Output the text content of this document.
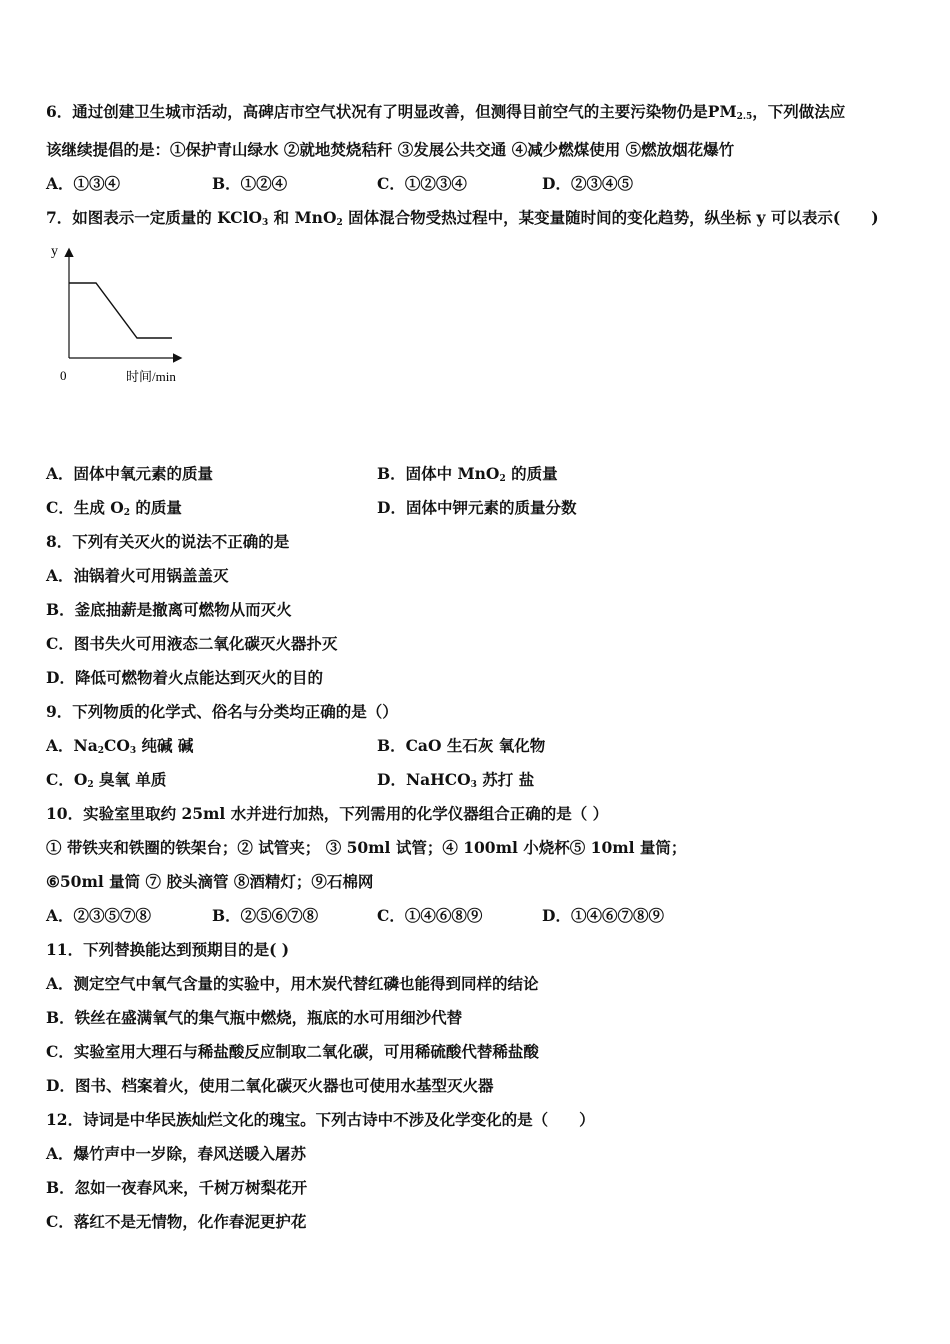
6．通过创建卫生城市活动，高碑店市空气状况有了明显改善，但测得目前空气的主要污染物仍是$PM_{2.5}$，下列做法应
该继续提倡的是：①保护青山绿水 ②就地焚烧秸秆 ③发展公共交通 ④减少燃煤使用 ⑤燃放烟花爆竹
A．①③④	B．①②④	C．①②③④	D．②③④⑤
7．如图表示一定质量的 KClO$_3$ 和 MnO$_2$ 固体混合物受热过程中，某变量随时间的变化趋势，纵坐标 y 可以表示(　　)
y
0	时间/min
A．固体中氧元素的质量	B．固体中 MnO$_2$ 的质量
C．生成 $O_2$ 的质量	D．固体中钾元素的质量分数
8．下列有关灭火的说法不正确的是
A．油锅着火可用锅盖盖灭
B．釜底抽薪是撤离可燃物从而灭火
C．图书失火可用液态二氧化碳灭火器扑灭
D．降低可燃物着火点能达到灭火的目的
9．下列物质的化学式、俗名与分类均正确的是（）
A．$Na_2CO_3$ 纯碱 碱	B．CaO 生石灰 氧化物
C．$O_2$ 臭氧 单质	D．NaHCO$_3$ 苏打 盐
10．实验室里取约 25ml 水并进行加热，下列需用的化学仪器组合正确的是（ ）
① 带铁夹和铁圈的铁架台；② 试管夹； ③ 50ml 试管；④ 100ml 小烧杯⑤ 10ml 量筒；
⑥50ml 量筒 ⑦ 胶头滴管 ⑧酒精灯；⑨石棉网
A．②③⑤⑦⑧	B．②⑤⑥⑦⑧	C．①④⑥⑧⑨	D．①④⑥⑦⑧⑨
11．下列替换能达到预期目的是( )
A．测定空气中氧气含量的实验中，用木炭代替红磷也能得到同样的结论
B．铁丝在盛满氧气的集气瓶中燃烧，瓶底的水可用细沙代替
C．实验室用大理石与稀盐酸反应制取二氧化碳，可用稀硫酸代替稀盐酸
D．图书、档案着火，使用二氧化碳灭火器也可使用水基型灭火器
12．诗词是中华民族灿烂文化的瑰宝。下列古诗中不涉及化学变化的是（　　）
A．爆竹声中一岁除，春风送暖入屠苏
B．忽如一夜春风来，千树万树梨花开
C．落红不是无情物，化作春泥更护花
